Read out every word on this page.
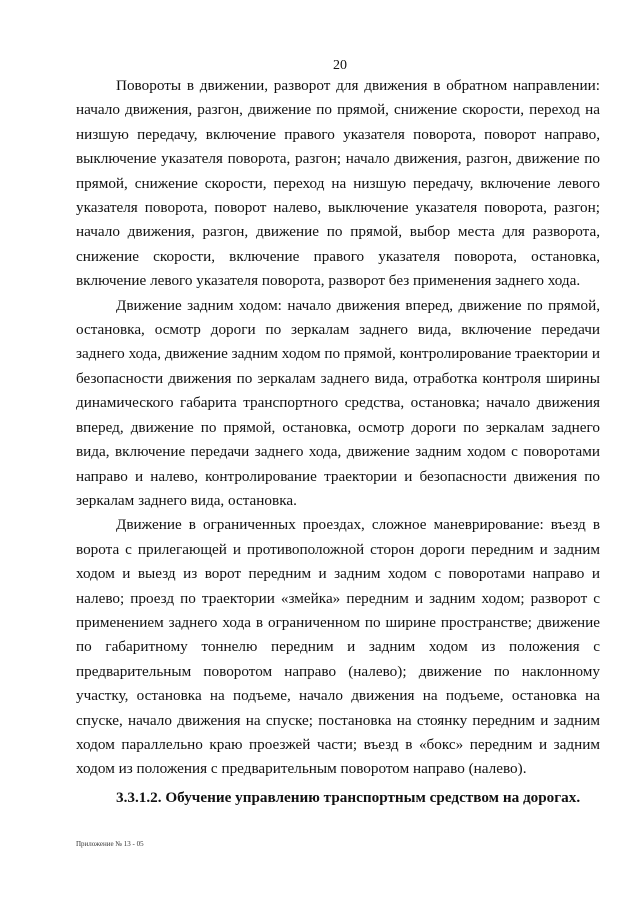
20

Повороты в движении, разворот для движения в обратном направлении: начало движения, разгон, движение по прямой, снижение скорости, переход на низшую передачу, включение правого указателя поворота, поворот направо, выключение указателя поворота, разгон; начало движения, разгон, движение по прямой, снижение скорости, переход на низшую передачу, включение левого указателя поворота, поворот налево, выключение указателя поворота, разгон; начало движения, разгон, движение по прямой, выбор места для разворота, снижение скорости, включение правого указателя поворота, остановка, включение левого указателя поворота, разворот без применения заднего хода.

Движение задним ходом: начало движения вперед, движение по прямой, остановка, осмотр дороги по зеркалам заднего вида, включение передачи заднего хода, движение задним ходом по прямой, контролирование траектории и безопасности движения по зеркалам заднего вида, отработка контроля ширины динамического габарита транспортного средства, остановка; начало движения вперед, движение по прямой, остановка, осмотр дороги по зеркалам заднего вида, включение передачи заднего хода, движение задним ходом с поворотами направо и налево, контролирование траектории и безопасности движения по зеркалам заднего вида, остановка.

Движение в ограниченных проездах, сложное маневрирование: въезд в ворота с прилегающей и противоположной сторон дороги передним и задним ходом и выезд из ворот передним и задним ходом с поворотами направо и налево; проезд по траектории «змейка» передним и задним ходом; разворот с применением заднего хода в ограниченном по ширине пространстве; движение по габаритному тоннелю передним и задним ходом из положения с предварительным поворотом направо (налево); движение по наклонному участку, остановка на подъеме, начало движения на подъеме, остановка на спуске, начало движения на спуске; постановка на стоянку передним и задним ходом параллельно краю проезжей части; въезд в «бокс» передним и задним ходом из положения с предварительным поворотом направо (налево).

3.3.1.2. Обучение управлению транспортным средством на дорогах.

Приложение № 13 - 05
